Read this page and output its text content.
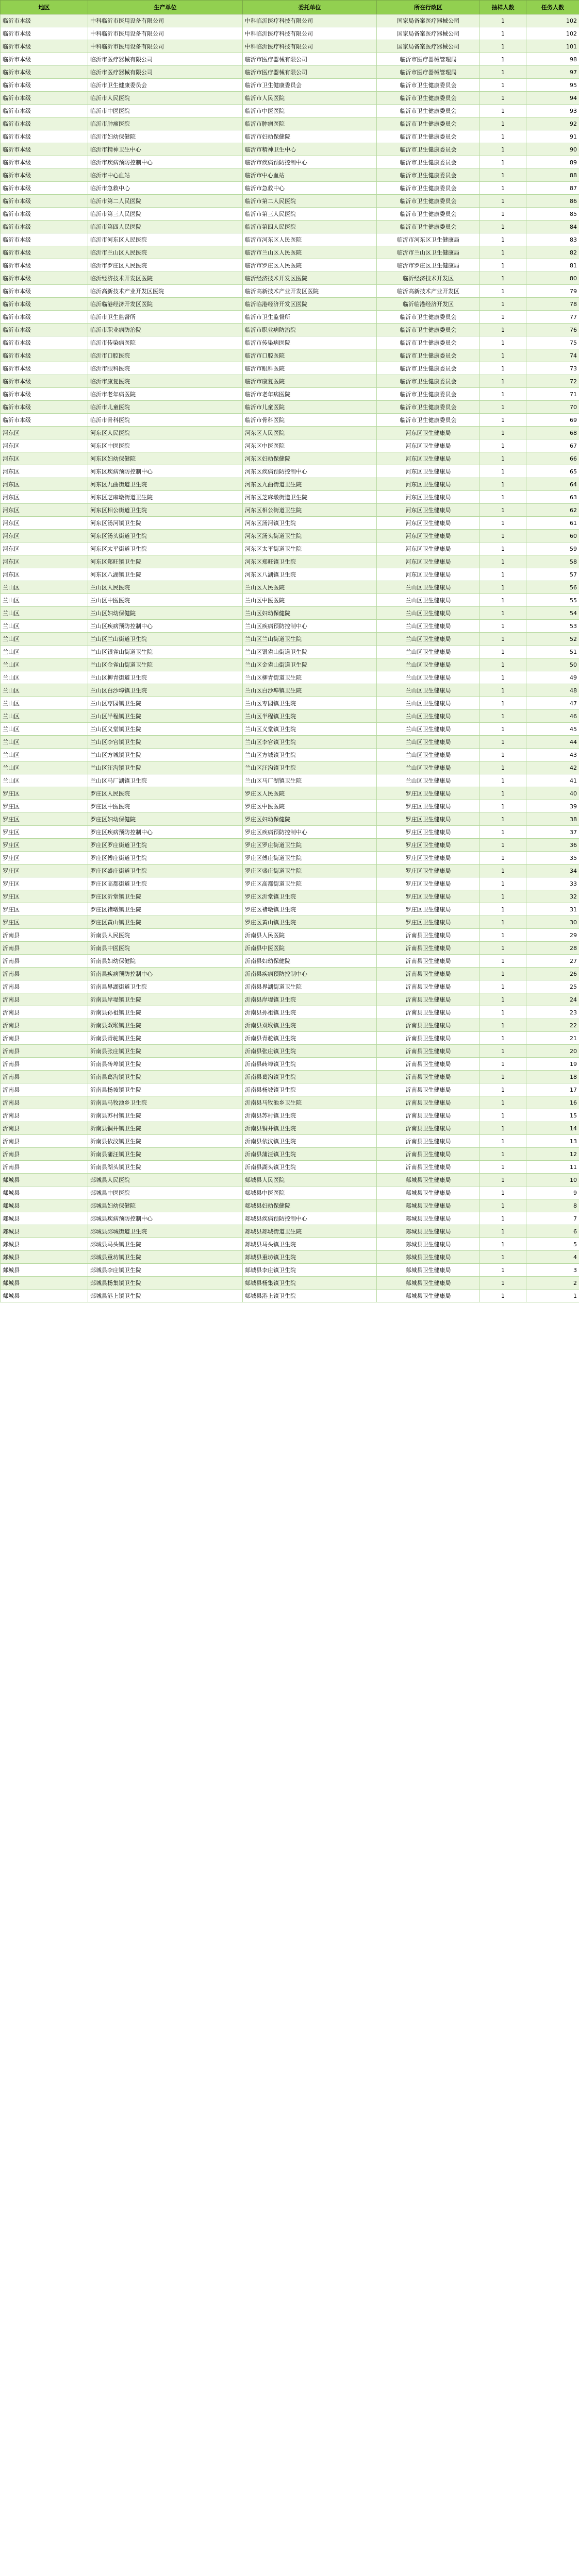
地区	生产单位	委托单位	所在行政区	抽样人数	任务人数
临沂市本级	中科临沂市医用设备有限公司	中科临沂医疗科技有限公司	国家局备案医疗器械公司	1	102
临沂市本级	中科临沂市医用设备有限公司	中科临沂医疗科技有限公司	国家局备案医疗器械公司	1	102
临沂市本级	中科临沂市医用设备有限公司	中科临沂医疗科技有限公司	国家局备案医疗器械公司	1	101
临沂市本级	临沂市医疗器械有限公司	临沂市医疗器械有限公司	临沂市医疗器械管理局	1	98
临沂市本级	临沂市医疗器械有限公司	临沂市医疗器械有限公司	临沂市医疗器械管理局	1	97
临沂市本级	临沂市卫生健康委员会	临沂市卫生健康委员会	临沂市卫生健康委员会	1	95
临沂市本级	临沂市人民医院	临沂市人民医院	临沂市卫生健康委员会	1	94
临沂市本级	临沂市中医医院	临沂市中医医院	临沂市卫生健康委员会	1	93
临沂市本级	临沂市肿瘤医院	临沂市肿瘤医院	临沂市卫生健康委员会	1	92
临沂市本级	临沂市妇幼保健院	临沂市妇幼保健院	临沂市卫生健康委员会	1	91
临沂市本级	临沂市精神卫生中心	临沂市精神卫生中心	临沂市卫生健康委员会	1	90
临沂市本级	临沂市疾病预防控制中心	临沂市疾病预防控制中心	临沂市卫生健康委员会	1	89
临沂市本级	临沂市中心血站	临沂市中心血站	临沂市卫生健康委员会	1	88
临沂市本级	临沂市急救中心	临沂市急救中心	临沂市卫生健康委员会	1	87
临沂市本级	临沂市第二人民医院	临沂市第二人民医院	临沂市卫生健康委员会	1	86
临沂市本级	临沂市第三人民医院	临沂市第三人民医院	临沂市卫生健康委员会	1	85
临沂市本级	临沂市第四人民医院	临沂市第四人民医院	临沂市卫生健康委员会	1	84
临沂市本级	临沂市河东区人民医院	临沂市河东区人民医院	临沂市河东区卫生健康局	1	83
临沂市本级	临沂市兰山区人民医院	临沂市兰山区人民医院	临沂市兰山区卫生健康局	1	82
临沂市本级	临沂市罗庄区人民医院	临沂市罗庄区人民医院	临沂市罗庄区卫生健康局	1	81
临沂市本级	临沂经济技术开发区医院	临沂经济技术开发区医院	临沂经济技术开发区	1	80
临沂市本级	临沂高新技术产业开发区医院	临沂高新技术产业开发区医院	临沂高新技术产业开发区	1	79
临沂市本级	临沂临港经济开发区医院	临沂临港经济开发区医院	临沂临港经济开发区	1	78
临沂市本级	临沂市卫生监督所	临沂市卫生监督所	临沂市卫生健康委员会	1	77
临沂市本级	临沂市职业病防治院	临沂市职业病防治院	临沂市卫生健康委员会	1	76
临沂市本级	临沂市传染病医院	临沂市传染病医院	临沂市卫生健康委员会	1	75
临沂市本级	临沂市口腔医院	临沂市口腔医院	临沂市卫生健康委员会	1	74
临沂市本级	临沂市眼科医院	临沂市眼科医院	临沂市卫生健康委员会	1	73
临沂市本级	临沂市康复医院	临沂市康复医院	临沂市卫生健康委员会	1	72
临沂市本级	临沂市老年病医院	临沂市老年病医院	临沂市卫生健康委员会	1	71
临沂市本级	临沂市儿童医院	临沂市儿童医院	临沂市卫生健康委员会	1	70
临沂市本级	临沂市骨科医院	临沂市骨科医院	临沂市卫生健康委员会	1	69
河东区	河东区人民医院	河东区人民医院	河东区卫生健康局	1	68
河东区	河东区中医医院	河东区中医医院	河东区卫生健康局	1	67
河东区	河东区妇幼保健院	河东区妇幼保健院	河东区卫生健康局	1	66
河东区	河东区疾病预防控制中心	河东区疾病预防控制中心	河东区卫生健康局	1	65
河东区	河东区九曲街道卫生院	河东区九曲街道卫生院	河东区卫生健康局	1	64
河东区	河东区芝麻墩街道卫生院	河东区芝麻墩街道卫生院	河东区卫生健康局	1	63
河东区	河东区相公街道卫生院	河东区相公街道卫生院	河东区卫生健康局	1	62
河东区	河东区汤河镇卫生院	河东区汤河镇卫生院	河东区卫生健康局	1	61
河东区	河东区汤头街道卫生院	河东区汤头街道卫生院	河东区卫生健康局	1	60
河东区	河东区太平街道卫生院	河东区太平街道卫生院	河东区卫生健康局	1	59
河东区	河东区郑旺镇卫生院	河东区郑旺镇卫生院	河东区卫生健康局	1	58
河东区	河东区八湖镇卫生院	河东区八湖镇卫生院	河东区卫生健康局	1	57
兰山区	兰山区人民医院	兰山区人民医院	兰山区卫生健康局	1	56
兰山区	兰山区中医医院	兰山区中医医院	兰山区卫生健康局	1	55
兰山区	兰山区妇幼保健院	兰山区妇幼保健院	兰山区卫生健康局	1	54
兰山区	兰山区疾病预防控制中心	兰山区疾病预防控制中心	兰山区卫生健康局	1	53
兰山区	兰山区兰山街道卫生院	兰山区兰山街道卫生院	兰山区卫生健康局	1	52
兰山区	兰山区银雀山街道卫生院	兰山区银雀山街道卫生院	兰山区卫生健康局	1	51
兰山区	兰山区金雀山街道卫生院	兰山区金雀山街道卫生院	兰山区卫生健康局	1	50
兰山区	兰山区柳青街道卫生院	兰山区柳青街道卫生院	兰山区卫生健康局	1	49
兰山区	兰山区白沙埠镇卫生院	兰山区白沙埠镇卫生院	兰山区卫生健康局	1	48
兰山区	兰山区枣园镇卫生院	兰山区枣园镇卫生院	兰山区卫生健康局	1	47
兰山区	兰山区半程镇卫生院	兰山区半程镇卫生院	兰山区卫生健康局	1	46
兰山区	兰山区义堂镇卫生院	兰山区义堂镇卫生院	兰山区卫生健康局	1	45
兰山区	兰山区李官镇卫生院	兰山区李官镇卫生院	兰山区卫生健康局	1	44
兰山区	兰山区方城镇卫生院	兰山区方城镇卫生院	兰山区卫生健康局	1	43
兰山区	兰山区汪沟镇卫生院	兰山区汪沟镇卫生院	兰山区卫生健康局	1	42
兰山区	兰山区马厂湖镇卫生院	兰山区马厂湖镇卫生院	兰山区卫生健康局	1	41
罗庄区	罗庄区人民医院	罗庄区人民医院	罗庄区卫生健康局	1	40
罗庄区	罗庄区中医医院	罗庄区中医医院	罗庄区卫生健康局	1	39
罗庄区	罗庄区妇幼保健院	罗庄区妇幼保健院	罗庄区卫生健康局	1	38
罗庄区	罗庄区疾病预防控制中心	罗庄区疾病预防控制中心	罗庄区卫生健康局	1	37
罗庄区	罗庄区罗庄街道卫生院	罗庄区罗庄街道卫生院	罗庄区卫生健康局	1	36
罗庄区	罗庄区傅庄街道卫生院	罗庄区傅庄街道卫生院	罗庄区卫生健康局	1	35
罗庄区	罗庄区盛庄街道卫生院	罗庄区盛庄街道卫生院	罗庄区卫生健康局	1	34
罗庄区	罗庄区高都街道卫生院	罗庄区高都街道卫生院	罗庄区卫生健康局	1	33
罗庄区	罗庄区沂堂镇卫生院	罗庄区沂堂镇卫生院	罗庄区卫生健康局	1	32
罗庄区	罗庄区褚墩镇卫生院	罗庄区褚墩镇卫生院	罗庄区卫生健康局	1	31
罗庄区	罗庄区黄山镇卫生院	罗庄区黄山镇卫生院	罗庄区卫生健康局	1	30
沂南县	沂南县人民医院	沂南县人民医院	沂南县卫生健康局	1	29
沂南县	沂南县中医医院	沂南县中医医院	沂南县卫生健康局	1	28
沂南县	沂南县妇幼保健院	沂南县妇幼保健院	沂南县卫生健康局	1	27
沂南县	沂南县疾病预防控制中心	沂南县疾病预防控制中心	沂南县卫生健康局	1	26
沂南县	沂南县界湖街道卫生院	沂南县界湖街道卫生院	沂南县卫生健康局	1	25
沂南县	沂南县岸堤镇卫生院	沂南县岸堤镇卫生院	沂南县卫生健康局	1	24
沂南县	沂南县孙祖镇卫生院	沂南县孙祖镇卫生院	沂南县卫生健康局	1	23
沂南县	沂南县双堠镇卫生院	沂南县双堠镇卫生院	沂南县卫生健康局	1	22
沂南县	沂南县青驼镇卫生院	沂南县青驼镇卫生院	沂南县卫生健康局	1	21
沂南县	沂南县张庄镇卫生院	沂南县张庄镇卫生院	沂南县卫生健康局	1	20
沂南县	沂南县砖埠镇卫生院	沂南县砖埠镇卫生院	沂南县卫生健康局	1	19
沂南县	沂南县葛沟镇卫生院	沂南县葛沟镇卫生院	沂南县卫生健康局	1	18
沂南县	沂南县杨坡镇卫生院	沂南县杨坡镇卫生院	沂南县卫生健康局	1	17
沂南县	沂南县马牧池乡卫生院	沂南县马牧池乡卫生院	沂南县卫生健康局	1	16
沂南县	沂南县苏村镇卫生院	沂南县苏村镇卫生院	沂南县卫生健康局	1	15
沂南县	沂南县铜井镇卫生院	沂南县铜井镇卫生院	沂南县卫生健康局	1	14
沂南县	沂南县依汶镇卫生院	沂南县依汶镇卫生院	沂南县卫生健康局	1	13
沂南县	沂南县蒲汪镇卫生院	沂南县蒲汪镇卫生院	沂南县卫生健康局	1	12
沂南县	沂南县湖头镇卫生院	沂南县湖头镇卫生院	沂南县卫生健康局	1	11
郯城县	郯城县人民医院	郯城县人民医院	郯城县卫生健康局	1	10
郯城县	郯城县中医医院	郯城县中医医院	郯城县卫生健康局	1	9
郯城县	郯城县妇幼保健院	郯城县妇幼保健院	郯城县卫生健康局	1	8
郯城县	郯城县疾病预防控制中心	郯城县疾病预防控制中心	郯城县卫生健康局	1	7
郯城县	郯城县郯城街道卫生院	郯城县郯城街道卫生院	郯城县卫生健康局	1	6
郯城县	郯城县马头镇卫生院	郯城县马头镇卫生院	郯城县卫生健康局	1	5
郯城县	郯城县重坊镇卫生院	郯城县重坊镇卫生院	郯城县卫生健康局	1	4
郯城县	郯城县李庄镇卫生院	郯城县李庄镇卫生院	郯城县卫生健康局	1	3
郯城县	郯城县杨集镇卫生院	郯城县杨集镇卫生院	郯城县卫生健康局	1	2
郯城县	郯城县港上镇卫生院	郯城县港上镇卫生院	郯城县卫生健康局	1	1
